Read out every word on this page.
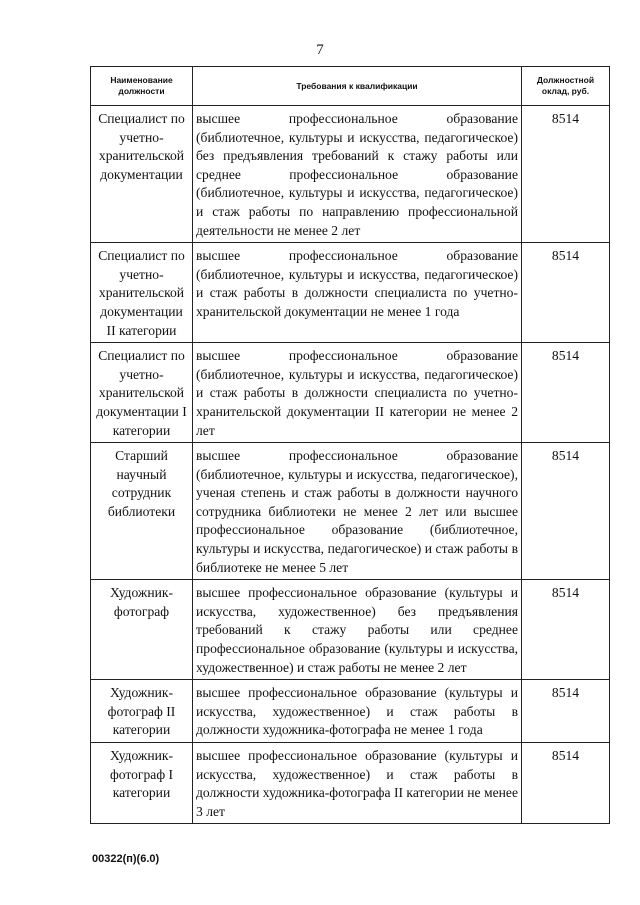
7
Наименование должности	Требования к квалификации	Должностной оклад, руб.
Специалист по учетно-хранительской документации	высшее профессиональное образование (библиотечное, культуры и искусства, педагогическое) без предъявления требований к стажу работы или среднее профессиональное образование (библиотечное, культуры и искусства, педагогическое) и стаж работы по направлению профессиональной деятельности не менее 2 лет	8514
Специалист по учетно-хранительской документации II категории	высшее профессиональное образование (библиотечное, культуры и искусства, педагогическое) и стаж работы в должности специалиста по учетно-хранительской документации не менее 1 года	8514
Специалист по учетно-хранительской документации I категории	высшее профессиональное образование (библиотечное, культуры и искусства, педагогическое) и стаж работы в должности специалиста по учетно-хранительской документации II категории не менее 2 лет	8514
Старший научный сотрудник библиотеки	высшее профессиональное образование (библиотечное, культуры и искусства, педагогическое), ученая степень и стаж работы в должности научного сотрудника библиотеки не менее 2 лет или высшее профессиональное образование (библиотечное, культуры и искусства, педагогическое) и стаж работы в библиотеке не менее 5 лет	8514
Художник-фотограф	высшее профессиональное образование (культуры и искусства, художественное) без предъявления требований к стажу работы или среднее профессиональное образование (культуры и искусства, художественное) и стаж работы не менее 2 лет	8514
Художник-фотограф II категории	высшее профессиональное образование (культуры и искусства, художественное) и стаж работы в должности художника-фотографа не менее 1 года	8514
Художник-фотограф I категории	высшее профессиональное образование (культуры и искусства, художественное) и стаж работы в должности художника-фотографа II категории не менее 3 лет	8514
00322(п)(6.0)
